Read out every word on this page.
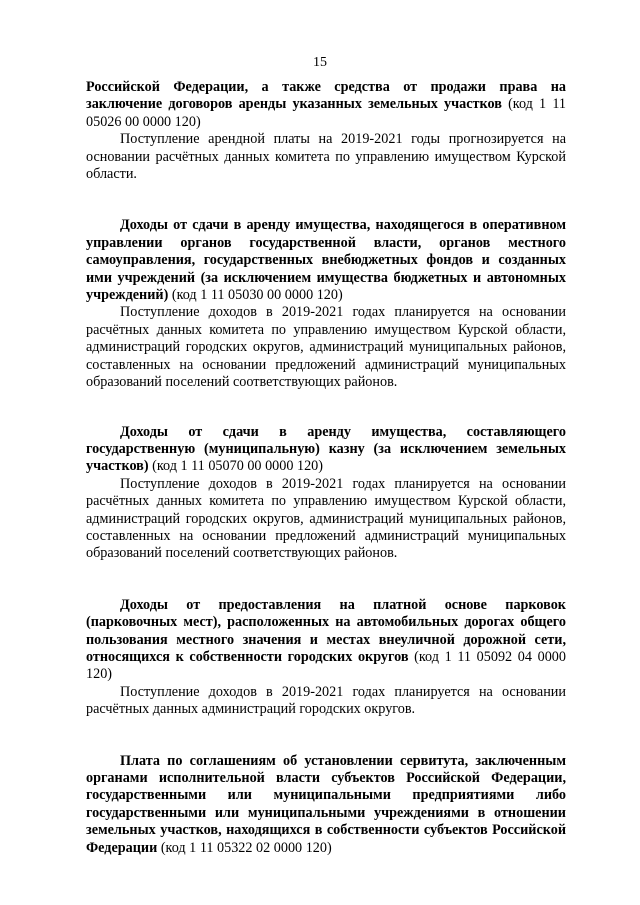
15

Российской Федерации, а также средства от продажи права на заключение договоров аренды указанных земельных участков (код 1 11 05026 00 0000 120)

Поступление арендной платы на 2019-2021 годы прогнозируется на основании расчётных данных комитета по управлению имуществом Курской области.

Доходы от сдачи в аренду имущества, находящегося в оперативном управлении органов государственной власти, органов местного самоуправления, государственных внебюджетных фондов и созданных ими учреждений (за исключением имущества бюджетных и автономных учреждений) (код 1 11 05030 00 0000 120)

Поступление доходов в 2019-2021 годах планируется на основании расчётных данных комитета по управлению имуществом Курской области, администраций городских округов, администраций муниципальных районов, составленных на основании предложений администраций муниципальных образований поселений соответствующих районов.

Доходы от сдачи в аренду имущества, составляющего государственную (муниципальную) казну (за исключением земельных участков) (код 1 11 05070 00 0000 120)

Поступление доходов в 2019-2021 годах планируется на основании расчётных данных комитета по управлению имуществом Курской области, администраций городских округов, администраций муниципальных районов, составленных на основании предложений администраций муниципальных образований поселений соответствующих районов.

Доходы от предоставления на платной основе парковок (парковочных мест), расположенных на автомобильных дорогах общего пользования местного значения и местах внеуличной дорожной сети, относящихся к собственности городских округов (код 1 11 05092 04 0000 120)

Поступление доходов в 2019-2021 годах планируется на основании расчётных данных администраций городских округов.

Плата по соглашениям об установлении сервитута, заключенным органами исполнительной власти субъектов Российской Федерации, государственными или муниципальными предприятиями либо государственными или муниципальными учреждениями в отношении земельных участков, находящихся в собственности субъектов Российской Федерации (код 1 11 05322 02 0000 120)
